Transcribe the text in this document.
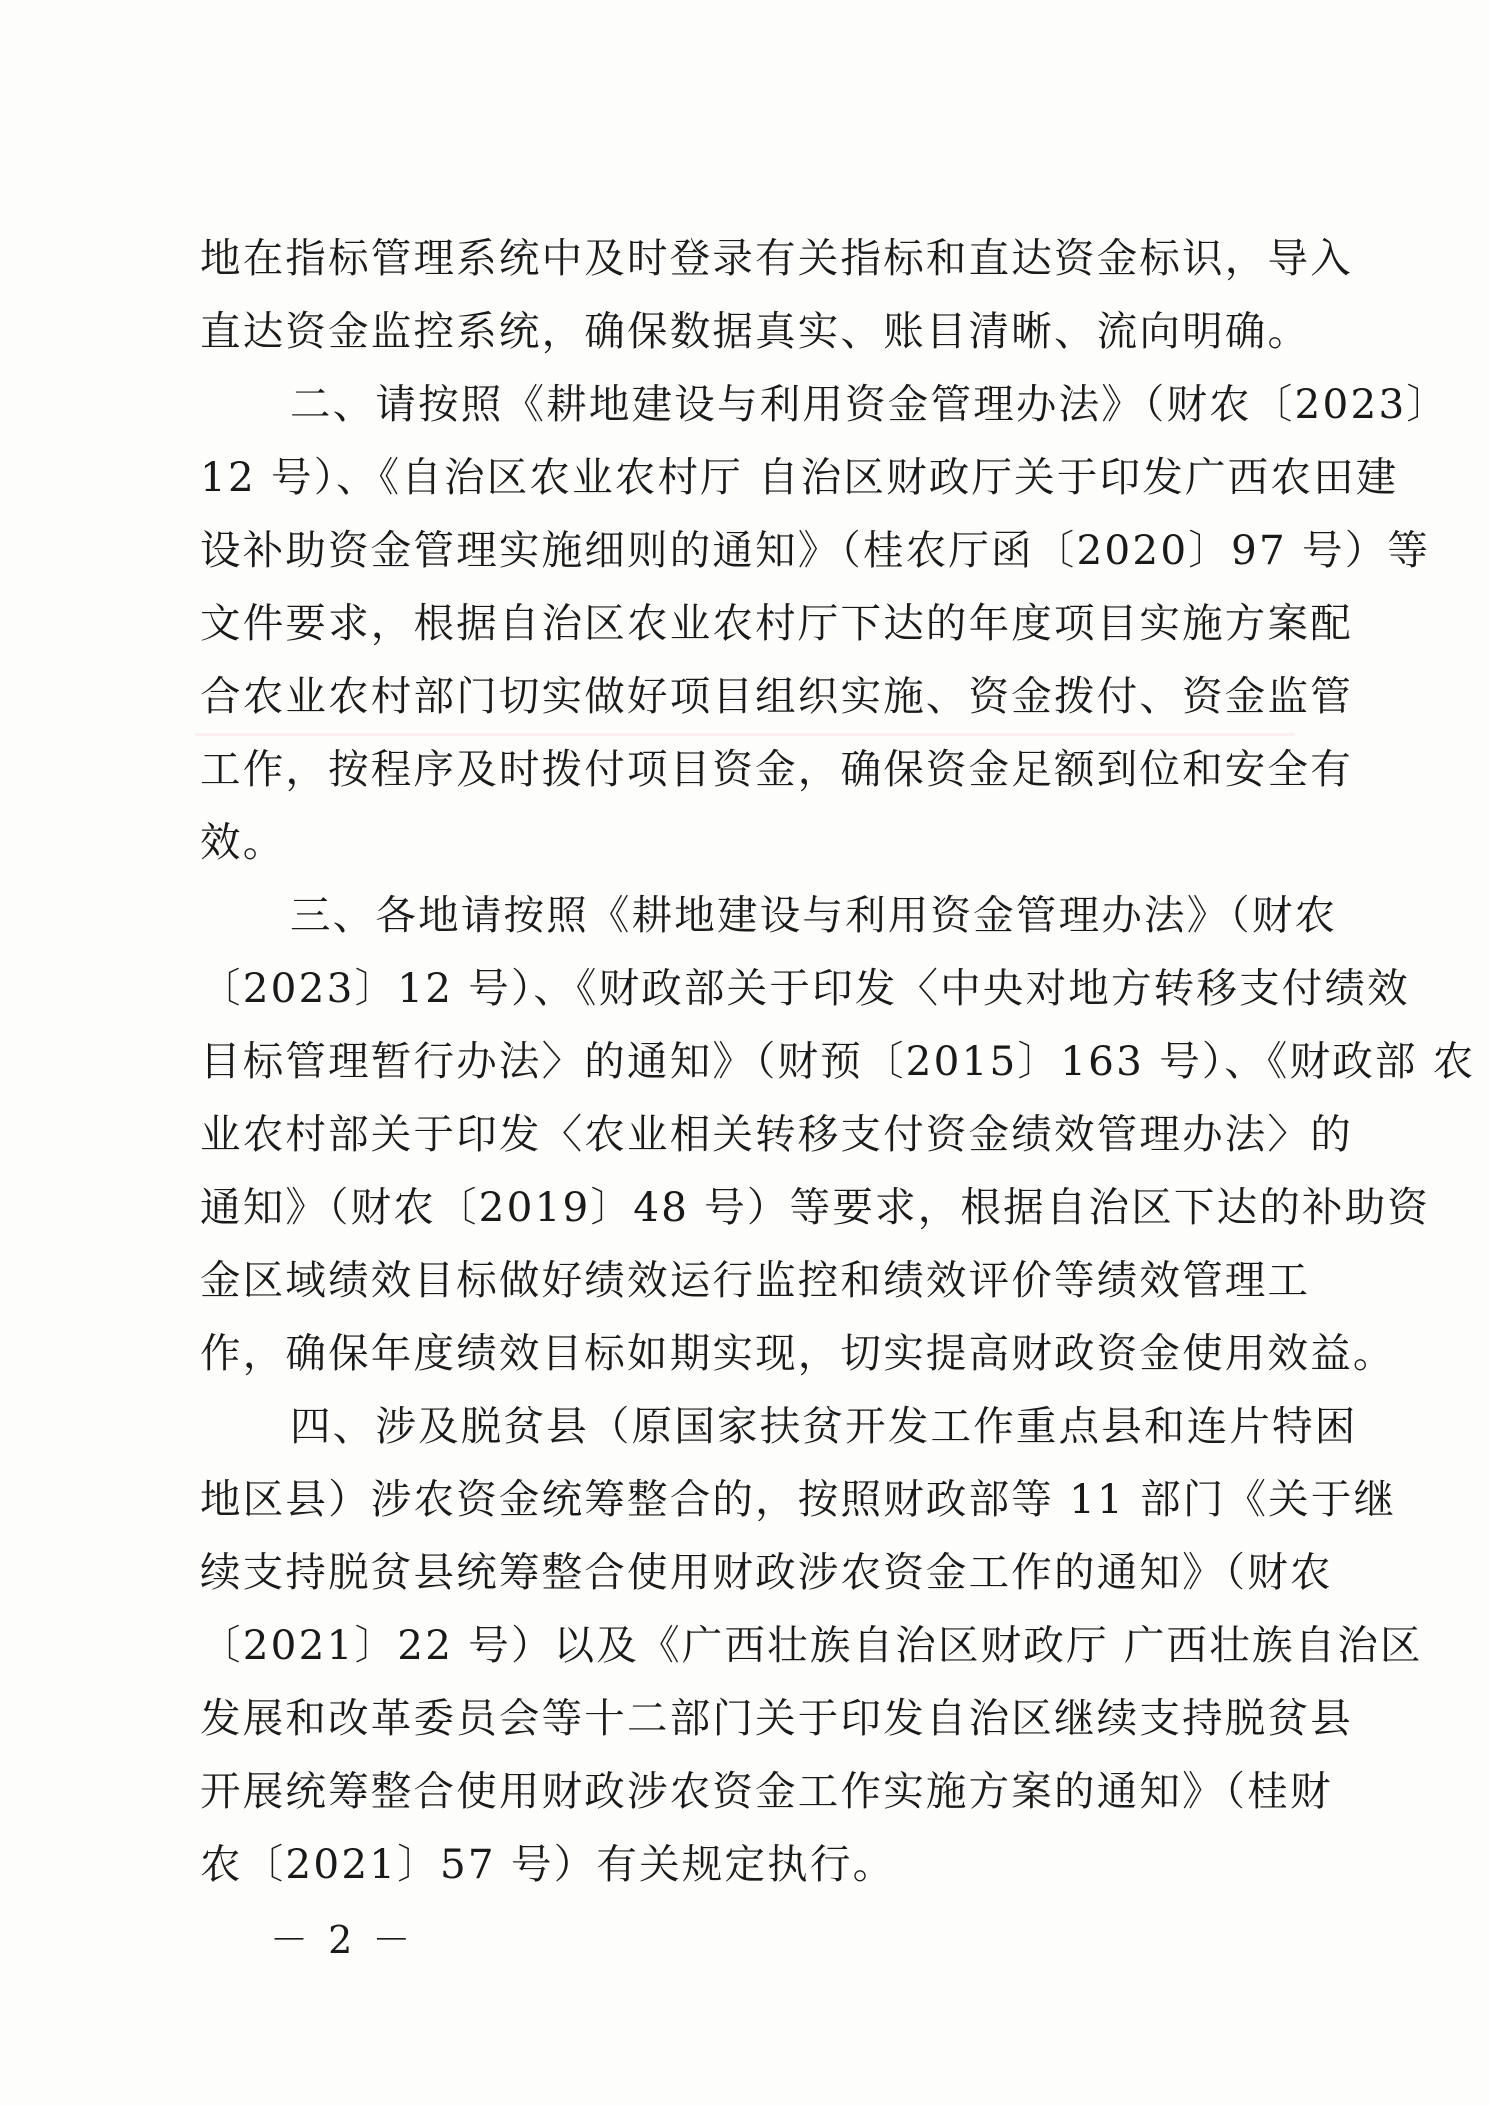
地在指标管理系统中及时登录有关指标和直达资金标识，导入
直达资金监控系统，确保数据真实、账目清晰、流向明确。
二、请按照《耕地建设与利用资金管理办法》（财农〔2023〕
12 号）、《自治区农业农村厅 自治区财政厅关于印发广西农田建
设补助资金管理实施细则的通知》（桂农厅函〔2020〕97 号）等
文件要求，根据自治区农业农村厅下达的年度项目实施方案配
合农业农村部门切实做好项目组织实施、资金拨付、资金监管
工作，按程序及时拨付项目资金，确保资金足额到位和安全有
效。
三、各地请按照《耕地建设与利用资金管理办法》（财农
〔2023〕12 号）、《财政部关于印发〈中央对地方转移支付绩效
目标管理暂行办法〉的通知》（财预〔2015〕163 号）、《财政部 农
业农村部关于印发〈农业相关转移支付资金绩效管理办法〉的
通知》（财农〔2019〕48 号）等要求，根据自治区下达的补助资
金区域绩效目标做好绩效运行监控和绩效评价等绩效管理工
作，确保年度绩效目标如期实现，切实提高财政资金使用效益。
四、涉及脱贫县（原国家扶贫开发工作重点县和连片特困
地区县）涉农资金统筹整合的，按照财政部等 11 部门《关于继
续支持脱贫县统筹整合使用财政涉农资金工作的通知》（财农
〔2021〕22 号）以及《广西壮族自治区财政厅 广西壮族自治区
发展和改革委员会等十二部门关于印发自治区继续支持脱贫县
开展统筹整合使用财政涉农资金工作实施方案的通知》（桂财
农〔2021〕57 号）有关规定执行。
－ 2 －
